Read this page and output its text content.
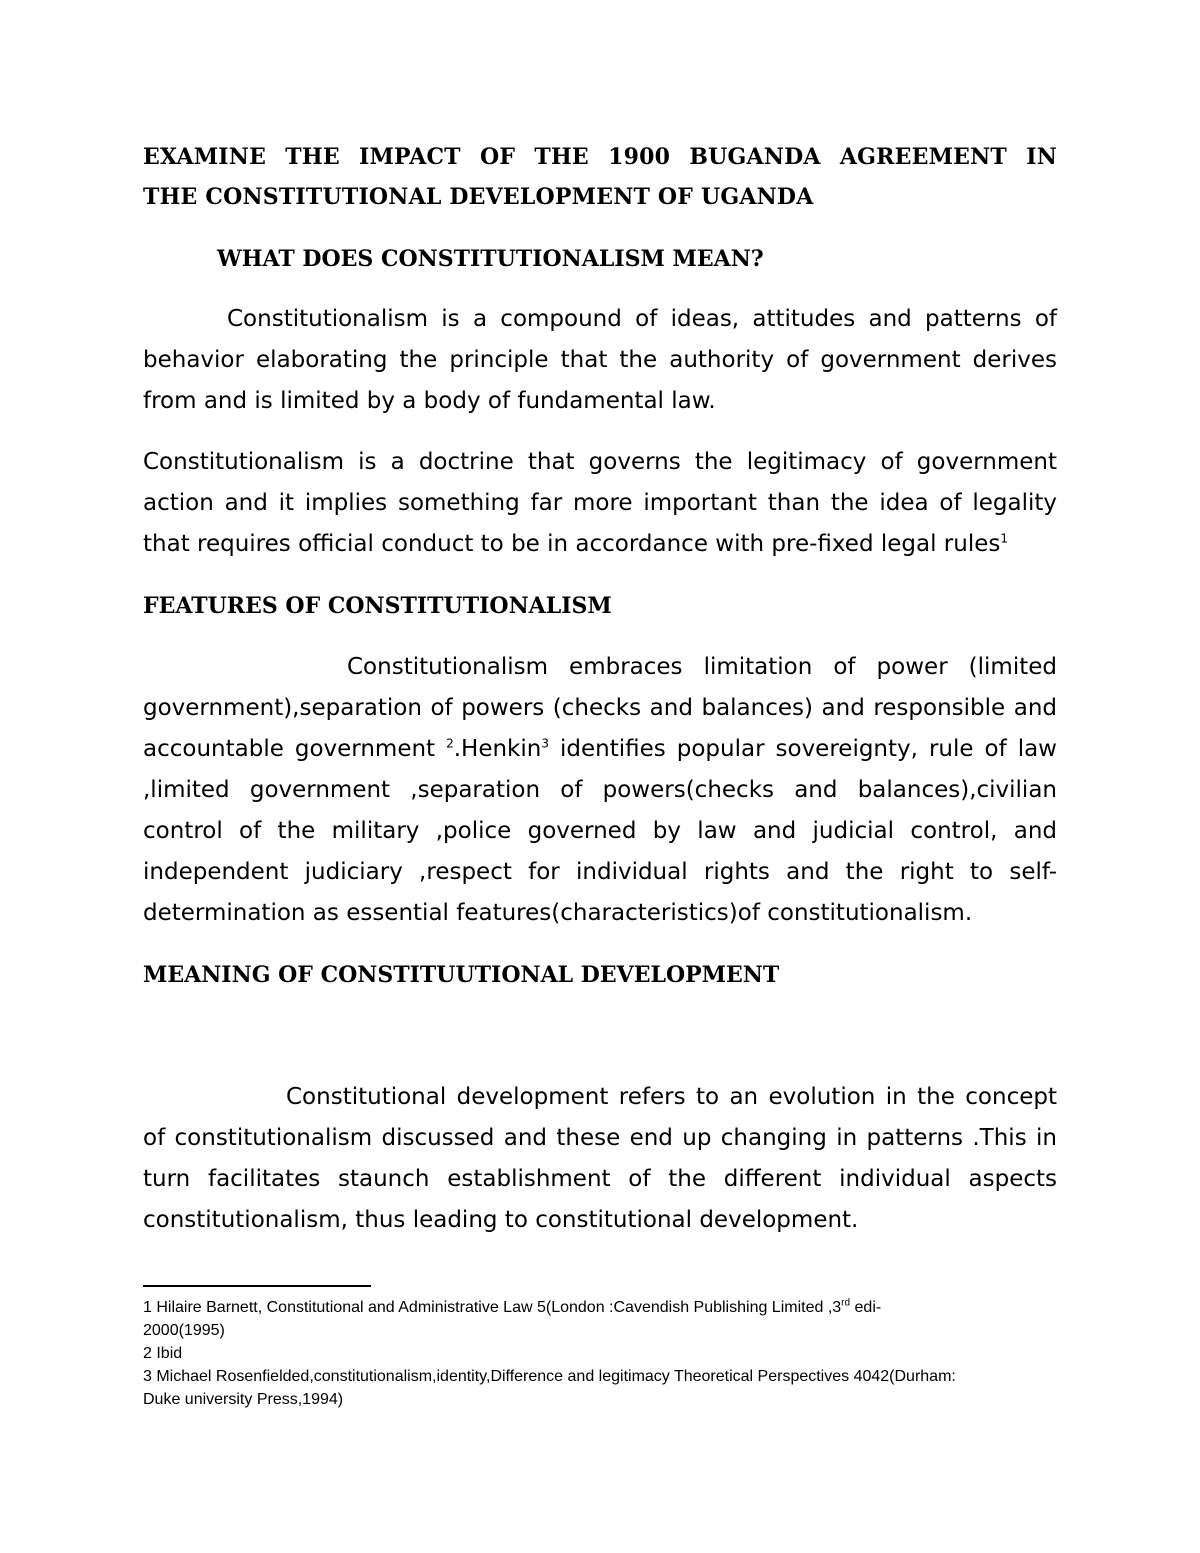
EXAMINE THE IMPACT OF THE 1900 BUGANDA AGREEMENT IN
THE CONSTITUTIONAL DEVELOPMENT OF UGANDA
WHAT DOES CONSTITUTIONALISM MEAN?

Constitutionalism is a compound of ideas, attitudes and patterns of behavior elaborating the principle that the authority of government derives from and is limited by a body of fundamental law.

Constitutionalism is a doctrine that governs the legitimacy of government action and it implies something far more important than the idea of legality that requires official conduct to be in accordance with pre-fixed legal rules$^1$

FEATURES OF CONSTITUTIONALISM

Constitutionalism embraces limitation of power (limited government),separation of powers (checks and balances) and responsible and accountable government $^2$.Henkin$^3$ identifies popular sovereignty, rule of law ,limited government ,separation of powers(checks and balances),civilian control of the military ,police governed by law and judicial control, and independent judiciary ,respect for individual rights and the right to self-determination as essential features(characteristics)of constitutionalism.

MEANING OF CONSTITUUTIONAL DEVELOPMENT

Constitutional development refers to an evolution in the concept of constitutionalism discussed and these end up changing in patterns .This in turn facilitates staunch establishment of the different individual aspects constitutionalism, thus leading to constitutional development.

1 Hilaire Barnett, Constitutional and Administrative Law 5(London :Cavendish Publishing Limited ,3rd edi-
2000(1995)
2 Ibid
3 Michael Rosenfielded,constitutionalism,identity,Difference and legitimacy Theoretical Perspectives 4042(Durham:
Duke university Press,1994)
